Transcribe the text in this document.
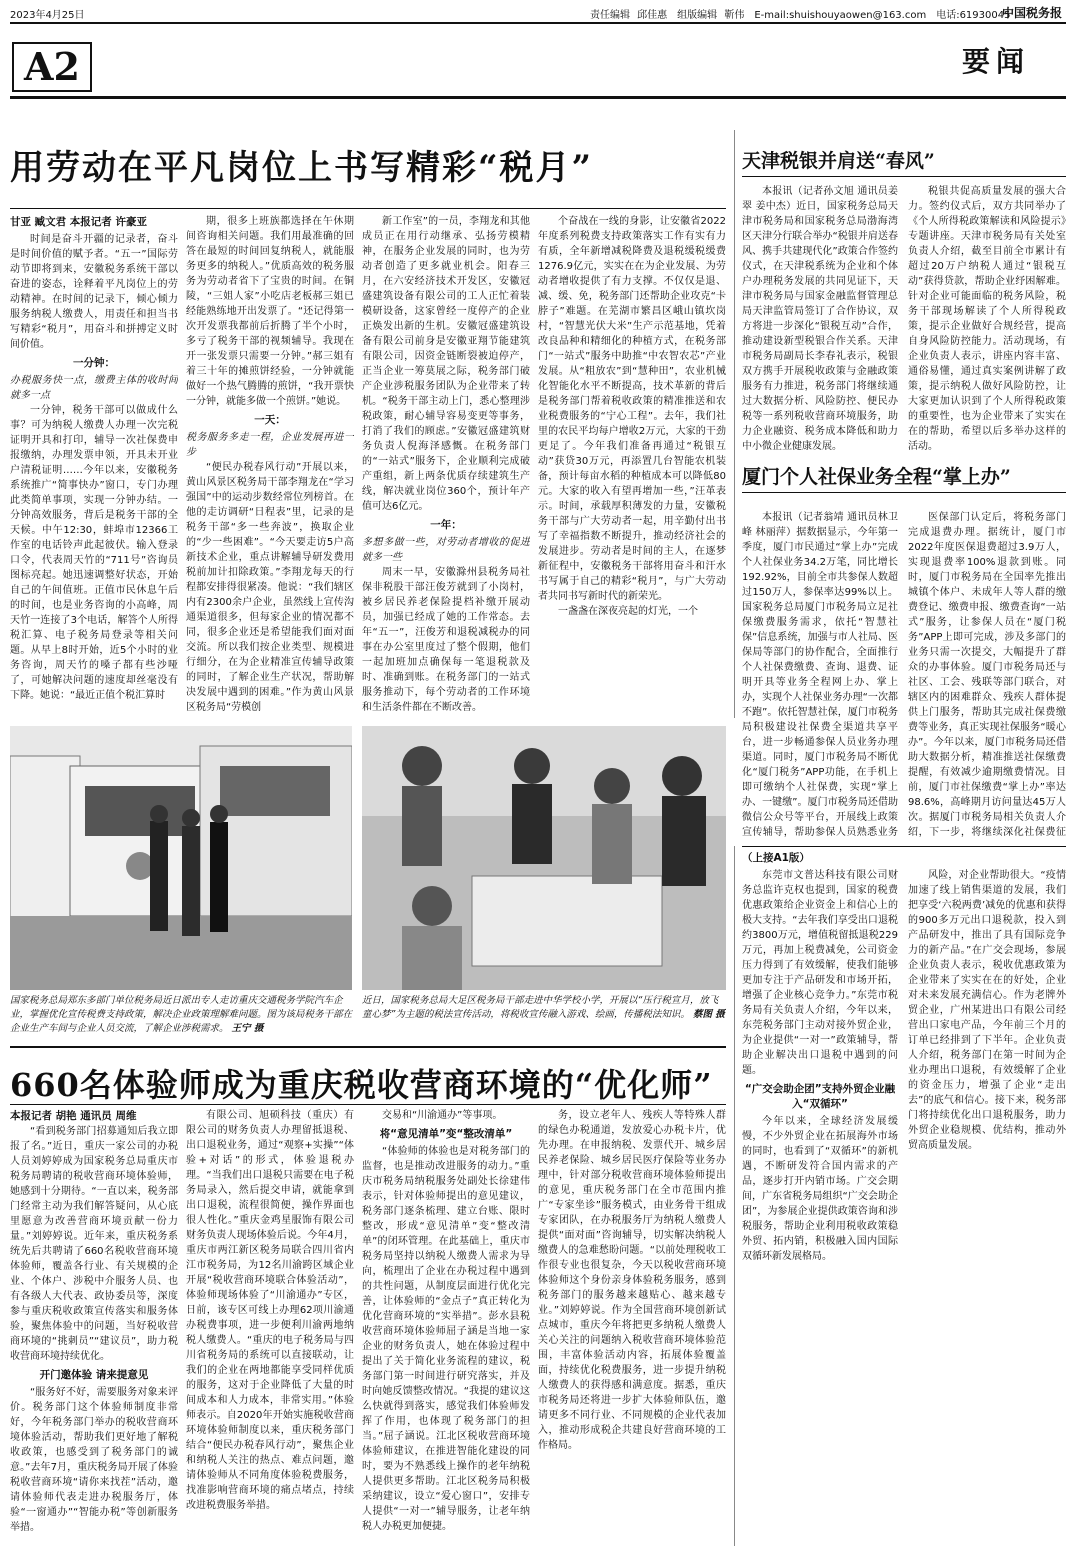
2023年4月25日	责任编辑 邱佳惠　组版编辑 靳伟　E-mail:shuishouyaowen@163.com　电话:61930045
中国税务报
A2	要闻
用劳动在平凡岗位上书写精彩“税月”
甘亚 臧文君 本报记者 许豪亚

时间是奋斗开疆的记录者，奋斗是时间价值的赋予者。“五一”国际劳动节即将到来，安徽税务系统干部以奋进的姿态，诠释着平凡岗位上的劳动精神。在时间的记录下，倾心倾力服务纳税人缴费人，用责任和担当书写精彩“税月”，用奋斗和拼搏定义时间价值。

一分钟：
办税服务快一点，缴费主体的收时间就多一点

一分钟，税务干部可以做成什么事？可为纳税人缴费人办理一次完税证明开具和打印，辅导一次社保费申报缴纳，办理发票申领，开具未开业户清税证明……今年以来，安徽税务系统推广“简事快办”窗口，专门办理此类简单事项，实现一分钟办结。一分钟高效服务，背后是税务干部的全天候。中午12:30，蚌埠市12366工作室的电话铃声此起彼伏。输入登录口令，代表周天竹的“711号”咨询员图标亮起。她迅速调整好状态，开始自己的午间值班。正值市民休息午后的时间，也是业务咨询的小高峰，周天竹一连接了3个电话，解答个人所得税汇算、电子税务局登录等相关问题。从早上8时开始，近5个小时的业务咨询，周天竹的嗓子都有些沙哑了，可她解决问题的速度却丝毫没有下降。她说：“最近正值个税汇算时

期，很多上班族都选择在午休期间咨询相关问题。我们用最准确的回答在最短的时间回复纳税人，就能服务更多的纳税人。”优质高效的税务服务为劳动者省下了宝贵的时间。在铜陵，“三姐人家”小吃店老板郝三姐已经能熟练地开出发票了。“还记得第一次开发票我都前后折腾了半个小时，多亏了税务干部的视频辅导。我现在开一张发票只需要一分钟。”郝三姐有着三十年的摊煎饼经验，一分钟就能做好一个热气腾腾的煎饼，“我开票快一分钟，就能多做一个煎饼。”她说。

一天：
税务服务多走一程，企业发展再进一步

“便民办税春风行动”开展以来，黄山风景区税务局干部李翔龙在“学习强国”中的运动步数经常位列榜首。在他的走访调研“日程表”里，记录的是税务干部“多一些奔波”，换取企业的“少一些困难”。“今天要走访5户高新技术企业，重点讲解辅导研发费用税前加计扣除政策。”李翔龙每天的行程都安排得很紧凑。他说：“我们辖区内有2300余户企业，虽然线上宣传沟通渠道很多，但每家企业的情况都不同，很多企业还是希望能我们面对面交流。所以我们按企业类型、规模进行细分，在为企业精准宣传辅导政策的同时，了解企业生产状况，帮助解决发展中遇到的困难。”作为黄山风景区税务局“劳模创

新工作室”的一员，李翔龙和其他成员正在用行动继承、弘扬劳模精神，在服务企业发展的同时，也为劳动者创造了更多就业机会。阳春三月，在六安经济技术开发区，安徽冠盛建筑设备有限公司的工人正忙着装模研设备，这家曾经一度停产的企业正焕发出新的生机。安徽冠盛建筑设备有限公司前身是安徽亚翔节能建筑有限公司，因资金链断裂被迫停产，正当企业一筹莫展之际，税务部门破产企业涉税服务团队为企业带来了转机。“税务干部主动上门，悉心整理涉税政策，耐心辅导容易变更等事务，打消了我们的顾虑。”安徽冠盛建筑财务负责人倪海泽感慨。在税务部门的“一站式”服务下，企业顺利完成破产重组，新上两条优质存续建筑生产线，解决就业岗位360个，预计年产值可达6亿元。

一年：
多想多做一些，对劳动者增收的促进就多一些

周末一早，安徽滁州县税务局社保非税股干部汪俊芳就到了小岗村，被乡居民养老保险提档补缴开展动员，加强已经成了她的工作常态。去年“五一”，汪俊芳和退税减税办的同事在办公室里度过了整个假期，他们一起加班加点确保每一笔退税款及时、准确到账。在税务部门的一站式服务推动下，每个劳动者的工作环境和生活条件都在不断改善。

个奋战在一线的身影，让安徽省2022年度系列税费支持政策落实工作有实有力有质，全年新增减税降费及退税缓税缓费1276.9亿元，实实在在为企业发展、为劳动者增收提供了有力支撑。不仅仅是退、减、缓、免，税务部门还帮助企业攻克“卡脖子”难题。在芜湖市繁昌区峨山镇坎岗村，“智慧光伏大米”生产示范基地，凭着改良品种和精细化的种植方式，在税务部门“一站式”服务中助推“中农智农芯”产业发展。从“粗放农”到“慧种田”，农业机械化智能化水平不断提高，技术革新的背后是税务部门帮着税收政策的精准推送和农业税费服务的“宁心工程”。去年，我们社里的农民平均每户增收2万元，大家的干劲更足了。今年我们准备再通过“税银互动”获贷30万元，再添置几台智能农机装备，预计每亩水稻的种植成本可以降低80元。大家的收入有望再增加一些，”汪革表示。时间，承载厚积薄发的力量，安徽税务干部与广大劳动者一起，用辛勤付出书写了幸福指数不断提升，推动经济社会的发展进步。劳动者是时间的主人，在逐梦新征程中，安徽税务干部将用奋斗和汗水书写属于自己的精彩“税月”，与广大劳动者共同书写新时代的新荣光。

一盏盏在深夜亮起的灯光，一个

天津税银并肩送“春风”

本报讯（记者孙文旭 通讯员姜翠 姜中杰）近日，国家税务总局天津市税务局和国家税务总局渤海湾区天津分行联合举办“税银并肩送春风、携手共建现代化”政策合作签约仪式，在天津税系统为企业和个体户办理税务发展的共同见证下，天津市税务局与国家金融监督管理总局天津监管局签订了合作协议，双方将进一步深化“银税互动”合作，推动建设新型税银合作关系。天津市税务局副局长李春礼表示，税银双方携手开展税收政策与金融政策服务有力推进，税务部门将继续通过大数据分析、风险防控、便民办税等一系列税收营商环境服务，助力企业融资、税务成本降低和助力中小微企业健康发展。

税银共促高质量发展的强大合力。签约仪式后，双方共同举办了《个人所得税政策解读和风险提示》专题讲座。天津市税务局有关处室负责人介绍，截至目前全市累计有超过20万户纳税人通过“银税互动”获得贷款，帮助企业纾困解难。针对企业可能面临的税务风险，税务干部现场解读了个人所得税政策，提示企业做好合规经营，提高自身风险防控能力。活动现场，有企业负责人表示，讲座内容丰富、通俗易懂，通过真实案例讲解了政策，提示纳税人做好风险防控，让大家更加认识到了个人所得税政策的重要性，也为企业带来了实实在在的帮助，希望以后多举办这样的活动。

厦门个人社保业务全程“掌上办”

本报讯（记者翁靖 通讯员林卫峰 林丽萍）据数据显示，今年第一季度，厦门市民通过“掌上办”完成个人社保业务34.2万笔，同比增长192.92%，目前全市共参保人数超过150万人，参保率达99%以上。国家税务总局厦门市税务局立足社保缴费服务需求，依托“智慧社保”信息系统，加强与市人社局、医保局等部门的协作配合，全面推行个人社保费缴费、查询、退费、证明开具等业务全程网上办、掌上办，实现个人社保业务办理“一次都不跑”。依托智慧社保，厦门市税务局积极建设社保费全渠道共享平台，进一步畅通参保人员业务办理渠道。同时，厦门市税务局不断优化“厦门税务”APP功能，在手机上即可缴纳个人社保费，实现“掌上办、一键缴”。厦门市税务局还借助微信公众号等平台，开展线上政策宣传辅导，帮助参保人员熟悉业务

医保部门认定后，将税务部门完成退费办理。据统计，厦门市2022年度医保退费超过3.9万人，实现退费率100%退款到账。同时，厦门市税务局在全国率先推出城镇个体户、未成年人等人群的缴费登记、缴费申报、缴费查询“一站式”服务，让参保人员在“厦门税务”APP上即可完成，涉及多部门的业务只需一次提交，大幅提升了群众的办事体验。厦门市税务局还与社区、工会、残联等部门联合，对辖区内的困难群众、残疾人群体提供上门服务，帮助其完成社保费缴费等业务，真正实现社保服务“暖心办”。今年以来，厦门市税务局还借助大数据分析，精准推送社保缴费提醒，有效减少逾期缴费情况。目前，厦门市社保缴费“掌上办”率达98.6%，高峰期月访问量达45万人次。据厦门市税务局相关负责人介绍，下一步，将继续深化社保费征

国家税务总局郑东多部门单位税务局近日派出专人走访重庆交通税务学院汽车企业，掌握优化宣传税费支持政策，解决企业政策理解难问题。图为该局税务干部在企业生产车间与企业人员交流，了解企业涉税需求。 王宁 摄
近日，国家税务总局大足区税务局干部走进中华学校小学，开展以“压行税宣月，放飞童心梦”为主题的税法宣传活动，将税收宣传融入游戏、绘画，传播税法知识。 蔡图 摄
（上接A1版）

东莞市文普达科技有限公司财务总监许克权也提到，国家的税费优惠政策给企业资金上和信心上的极大支持。“去年我们享受出口退税约3800万元，增值税留抵退税229万元，再加上税费减免，公司资金压力得到了有效缓解，使我们能够更加专注于产品研发和市场开拓，增强了企业核心竞争力。”东莞市税务局有关负责人介绍，今年以来，东莞税务部门主动对接外贸企业，为企业提供“一对一”政策辅导，帮助企业解决出口退税中遇到的问题。

“广交会助企团”支持外贸企业融入“双循环”

今年以来，全球经济发展缓慢，不少外贸企业在拓展海外市场的同时，也看到了“双循环”的新机遇，不断研发符合国内需求的产品，逐步打开内销市场。广交会期间，广东省税务局组织“广交会助企团”，为参展企业提供政策咨询和涉税服务，帮助企业利用税收政策稳外贸、拓内销，积极融入国内国际双循环新发展格局。

风险，对企业帮助很大。“疫情加速了线上销售渠道的发展，我们把享受‘六税两费’减免的优惠和获得的900多万元出口退税款，投入到产品研发中，推出了具有国际竞争力的新产品。”在广交会现场，参展企业负责人表示，税收优惠政策为企业带来了实实在在的好处，企业对未来发展充满信心。作为老牌外贸企业，广州某进出口有限公司经营出口家电产品，今年前三个月的订单已经排到了下半年。企业负责人介绍，税务部门在第一时间为企业办理出口退税，有效缓解了企业的资金压力，增强了企业“走出去”的底气和信心。接下来，税务部门将持续优化出口退税服务，助力外贸企业稳规模、优结构，推动外贸高质量发展。

660名体验师成为重庆税收营商环境的“优化师”
本报记者 胡艳 通讯员 周维

“看到税务部门招募通知后我立即报了名。”近日，重庆一家公司的办税人员刘婷婷成为国家税务总局重庆市税务局聘请的税收营商环境体验师，她感到十分期待。“一直以来，税务部门经常主动为我们解答疑问，从心底里愿意为改善营商环境贡献一份力量。”刘婷婷说。近年来，重庆税务系统先后共聘请了660名税收营商环境体验师，覆盖各行业、有关规模的企业、个体户、涉税中介服务人员、也有各级人大代表、政协委员等，深度参与重庆税收政策宣传落实和服务体验，聚焦体验中的问题，当好税收营商环境的“挑刺员”“建议员”，助力税收营商环境持续优化。

开门邀体验 请来提意见

“服务好不好，需要服务对象来评价。税务部门这个体验师制度非常好，今年税务部门举办的税收营商环境体验活动，帮助我们更好地了解税收政策，也感受到了税务部门的诚意。”去年7月，重庆税务局开展了体验税收营商环境“请你来找茬”活动，邀请体验师代表走进办税服务厅，体验“一窗通办”“智能办税”等创新服务举措。

有限公司、旭硕科技（重庆）有限公司的财务负责人办理留抵退税、出口退税业务，通过“观察+实操”“体验+对话”的形式，体验退税办理。“当我们出口退税只需要在电子税务局录入，然后提交申请，就能拿到出口退税，流程很简便，操作界面也很人性化。”重庆金鸡星服饰有限公司财务负责人现场体验后说。今年4月，重庆市两江新区税务局联合四川省内江市税务局，为12名川渝跨区域企业开展“税收营商环境联合体验活动”，体验师现场体验了“川渝通办”专区，日前，该专区可线上办理62项川渝通办税费事项，进一步便利川渝两地纳税人缴费人。“重庆的电子税务局与四川省税务局的系统可以直接联动，让我们的企业在两地都能享受同样优质的服务，这对于企业降低了大量的时间成本和人力成本，非常实用。”体验师表示。自2020年开始实施税收营商环境体验师制度以来，重庆税务部门结合“便民办税春风行动”，聚焦企业和纳税人关注的热点、难点问题，邀请体验师从不同角度体验税费服务，找准影响营商环境的痛点堵点，持续改进税费服务举措。

交易和“川渝通办”等事项。

将“意见清单”变“整改清单”

“体验师的体验也是对税务部门的监督，也是推动改进服务的动力。”重庆市税务局纳税服务处副处长徐建伟表示，针对体验师提出的意见建议，税务部门逐条梳理、建立台账、限时整改，形成“意见清单”变“整改清单”的闭环管理。在此基础上，重庆市税务局坚持以纳税人缴费人需求为导向，梳理出了企业在办税过程中遇到的共性问题，从制度层面进行优化完善，让体验师的“金点子”真正转化为优化营商环境的“实举措”。彭水县税收营商环境体验师屈子涵是当地一家企业的财务负责人，她在体验过程中提出了关于简化业务流程的建议，税务部门第一时间进行研究落实，并及时向她反馈整改情况。“我提的建议这么快就得到落实，感觉我们体验师发挥了作用，也体现了税务部门的担当。”屈子涵说。江北区税收营商环境体验师建议，在推进智能化建设的同时，要为不熟悉线上操作的老年纳税人提供更多帮助。江北区税务局积极采纳建议，设立“爱心窗口”，安排专人提供“一对一”辅导服务，让老年纳税人办税更加便捷。

务，设立老年人、残疾人等特殊人群的绿色办税通道，发放爱心办税卡片，优先办理。在申报纳税、发票代开、城乡居民养老保险、城乡居民医疗保险等业务办理中，针对部分税收营商环境体验师提出的意见，重庆税务部门在全市范围内推广“专家坐诊”服务模式，由业务骨干组成专家团队，在办税服务厅为纳税人缴费人提供“面对面”咨询辅导，切实解决纳税人缴费人的急难愁盼问题。“以前处理税收工作很专业也很复杂，今天以税收营商环境体验师这个身份亲身体验税务服务，感到税务部门的服务越来越贴心、越来越专业。”刘婷婷说。作为全国营商环境创新试点城市，重庆今年将把更多纳税人缴费人关心关注的问题纳入税收营商环境体验范围，丰富体验活动内容，拓展体验覆盖面，持续优化税费服务，进一步提升纳税人缴费人的获得感和满意度。据悉，重庆市税务局还将进一步扩大体验师队伍，邀请更多不同行业、不同规模的企业代表加入，推动形成税企共建良好营商环境的工作格局。
